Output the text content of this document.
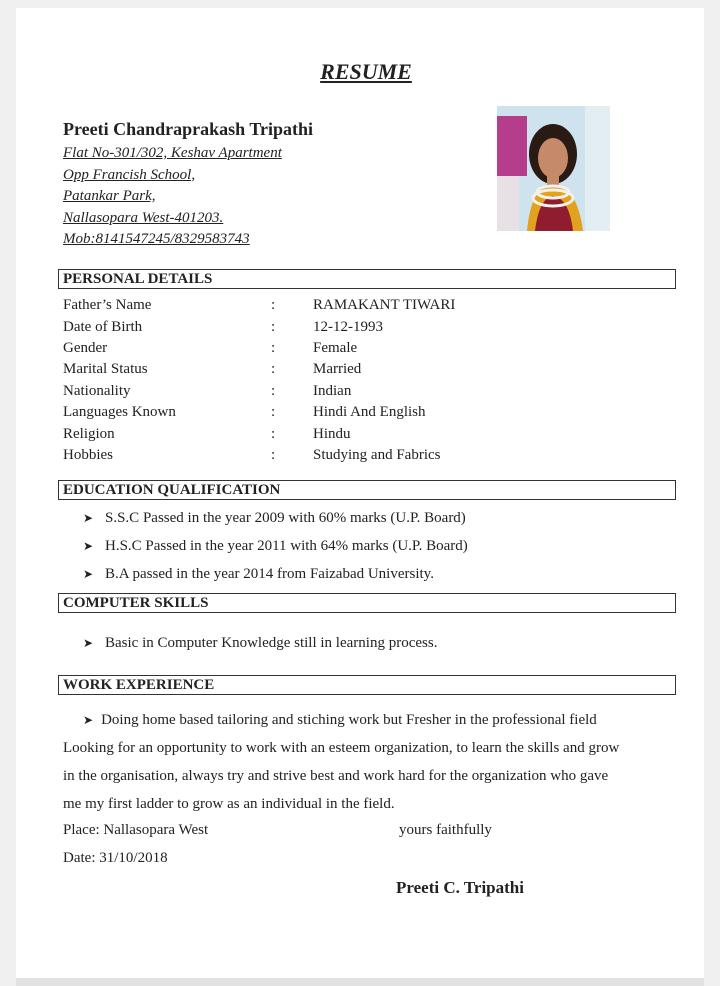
RESUME
Preeti Chandraprakash Tripathi
Flat No-301/302, Keshav Apartment
Opp Francish School,
Patankar Park,
Nallasopara West-401203.
Mob:8141547245/8329583743
PERSONAL DETAILS
Father’s Name	:	RAMAKANT TIWARI
Date of Birth	:	12-12-1993
Gender	:	Female
Marital Status	:	Married
Nationality	:	Indian
Languages Known	:	Hindi And English
Religion	:	Hindu
Hobbies	:	Studying and Fabrics
EDUCATION QUALIFICATION
➤ S.S.C Passed in the year 2009 with 60% marks (U.P. Board)
➤ H.S.C Passed in the year 2011 with 64% marks (U.P. Board)
➤ B.A passed in the year 2014 from Faizabad University.
COMPUTER SKILLS
➤ Basic in Computer Knowledge still in learning process.
WORK EXPERIENCE

➤ Doing home based tailoring and stiching work but Fresher in the professional field

Looking for an opportunity to work with an esteem organization, to learn the skills and grow

in the organisation, always try and strive best and work hard for the organization who gave

me my first ladder to grow as an individual in the field.

Place: Nallasopara West	yours faithfully
Date: 31/10/2018
Preeti C. Tripathi
